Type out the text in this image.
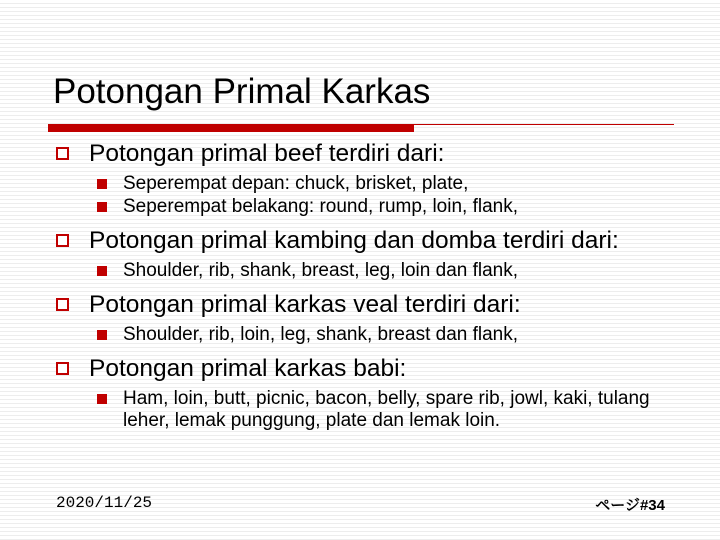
Potongan Primal Karkas
Potongan primal beef terdiri dari:
Seperempat depan: chuck, brisket, plate,
Seperempat belakang: round, rump, loin, flank,
Potongan primal kambing dan domba terdiri dari:
Shoulder, rib, shank, breast, leg, loin dan flank,
Potongan primal karkas veal terdiri dari:
Shoulder, rib, loin, leg, shank, breast dan flank,
Potongan primal karkas babi:
Ham, loin, butt, picnic, bacon, belly, spare rib, jowl, kaki, tulang leher, lemak punggung, plate dan lemak loin.
2020/11/25	ページ#34
